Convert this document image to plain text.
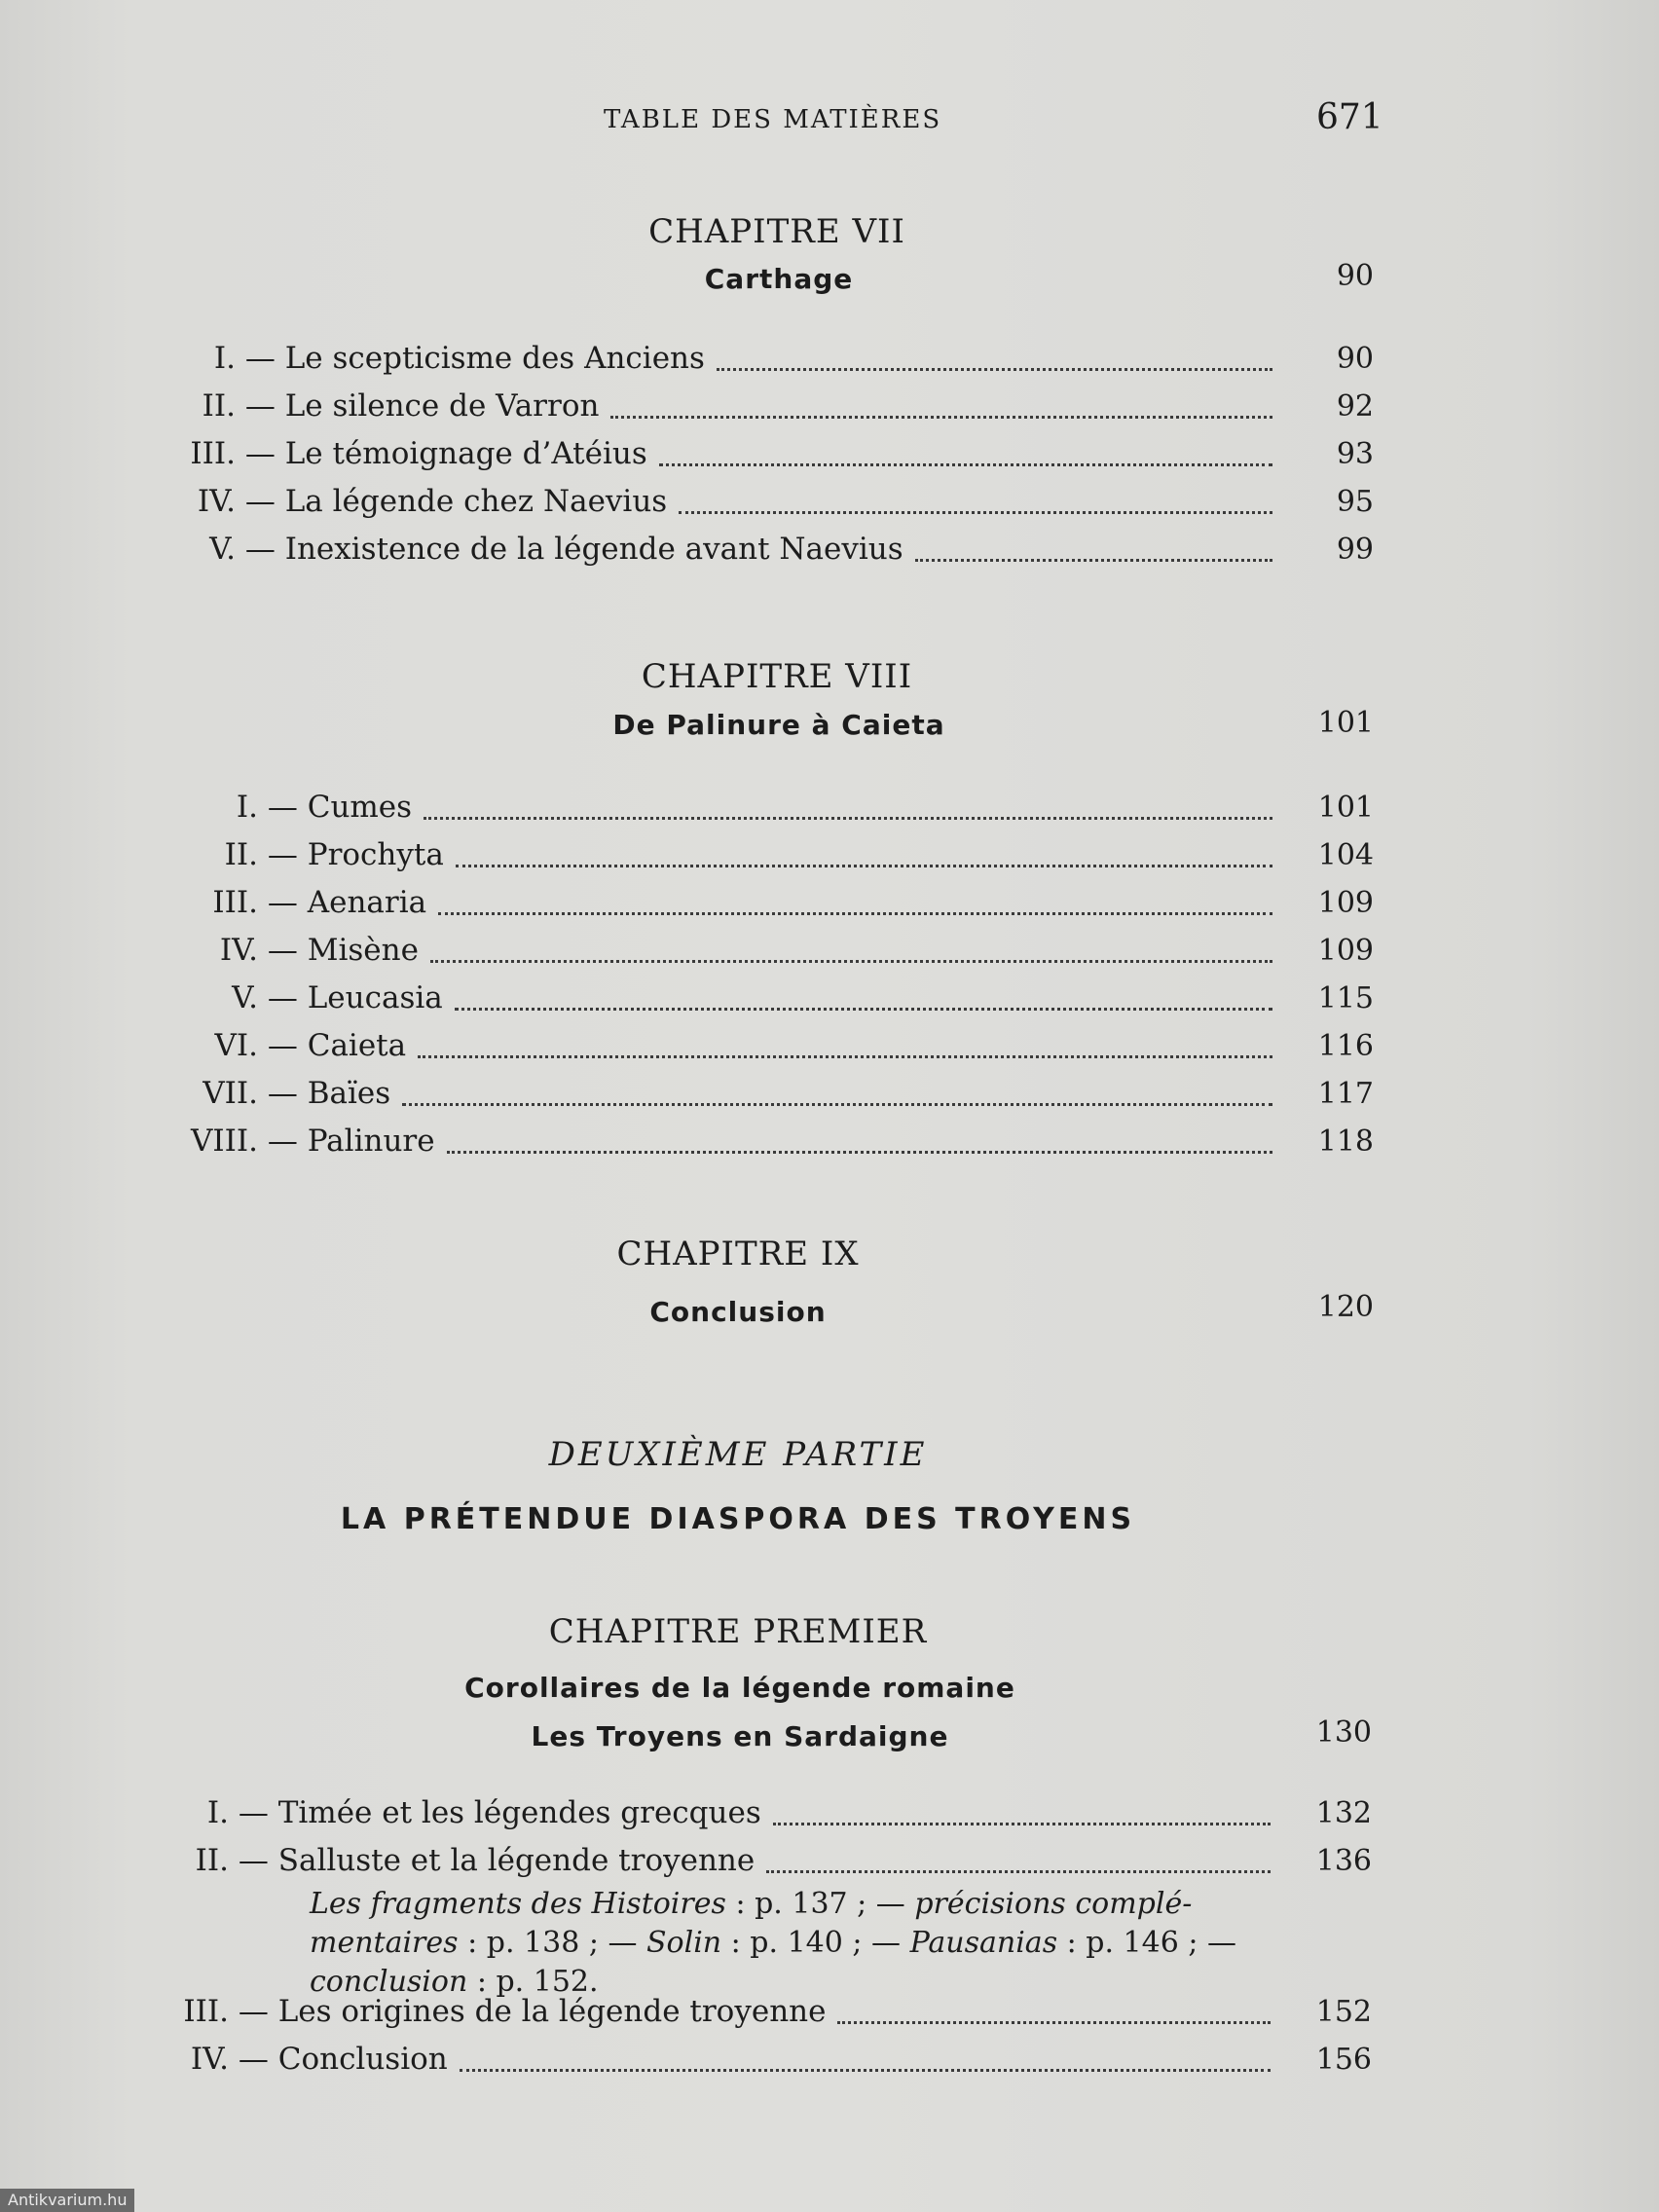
TABLE DES MATIÈRES	671
CHAPITRE VII
Carthage	90
I. — Le scepticisme des Anciens	90
II. — Le silence de Varron	92
III. — Le témoignage d’Atéius	93
IV. — La légende chez Naevius	95
V. — Inexistence de la légende avant Naevius	99
CHAPITRE VIII
De Palinure à Caieta	101
I. — Cumes	101
II. — Prochyta	104
III. — Aenaria	109
IV. — Misène	109
V. — Leucasia	115
VI. — Caieta	116
VII. — Baïes	117
VIII. — Palinure	118
CHAPITRE IX
Conclusion	120
DEUXIÈME PARTIE
LA PRÉTENDUE DIASPORA DES TROYENS
CHAPITRE PREMIER
Corollaires de la légende romaine
Les Troyens en Sardaigne	130
I. — Timée et les légendes grecques	132
II. — Salluste et la légende troyenne	136
Les fragments des Histoires : p. 137 ; — précisions complé-mentaires : p. 138 ; — Solin : p. 140 ; — Pausanias : p. 146 ; — conclusion : p. 152.
III. — Les origines de la légende troyenne	152
IV. — Conclusion	156
Antikvarium.hu
